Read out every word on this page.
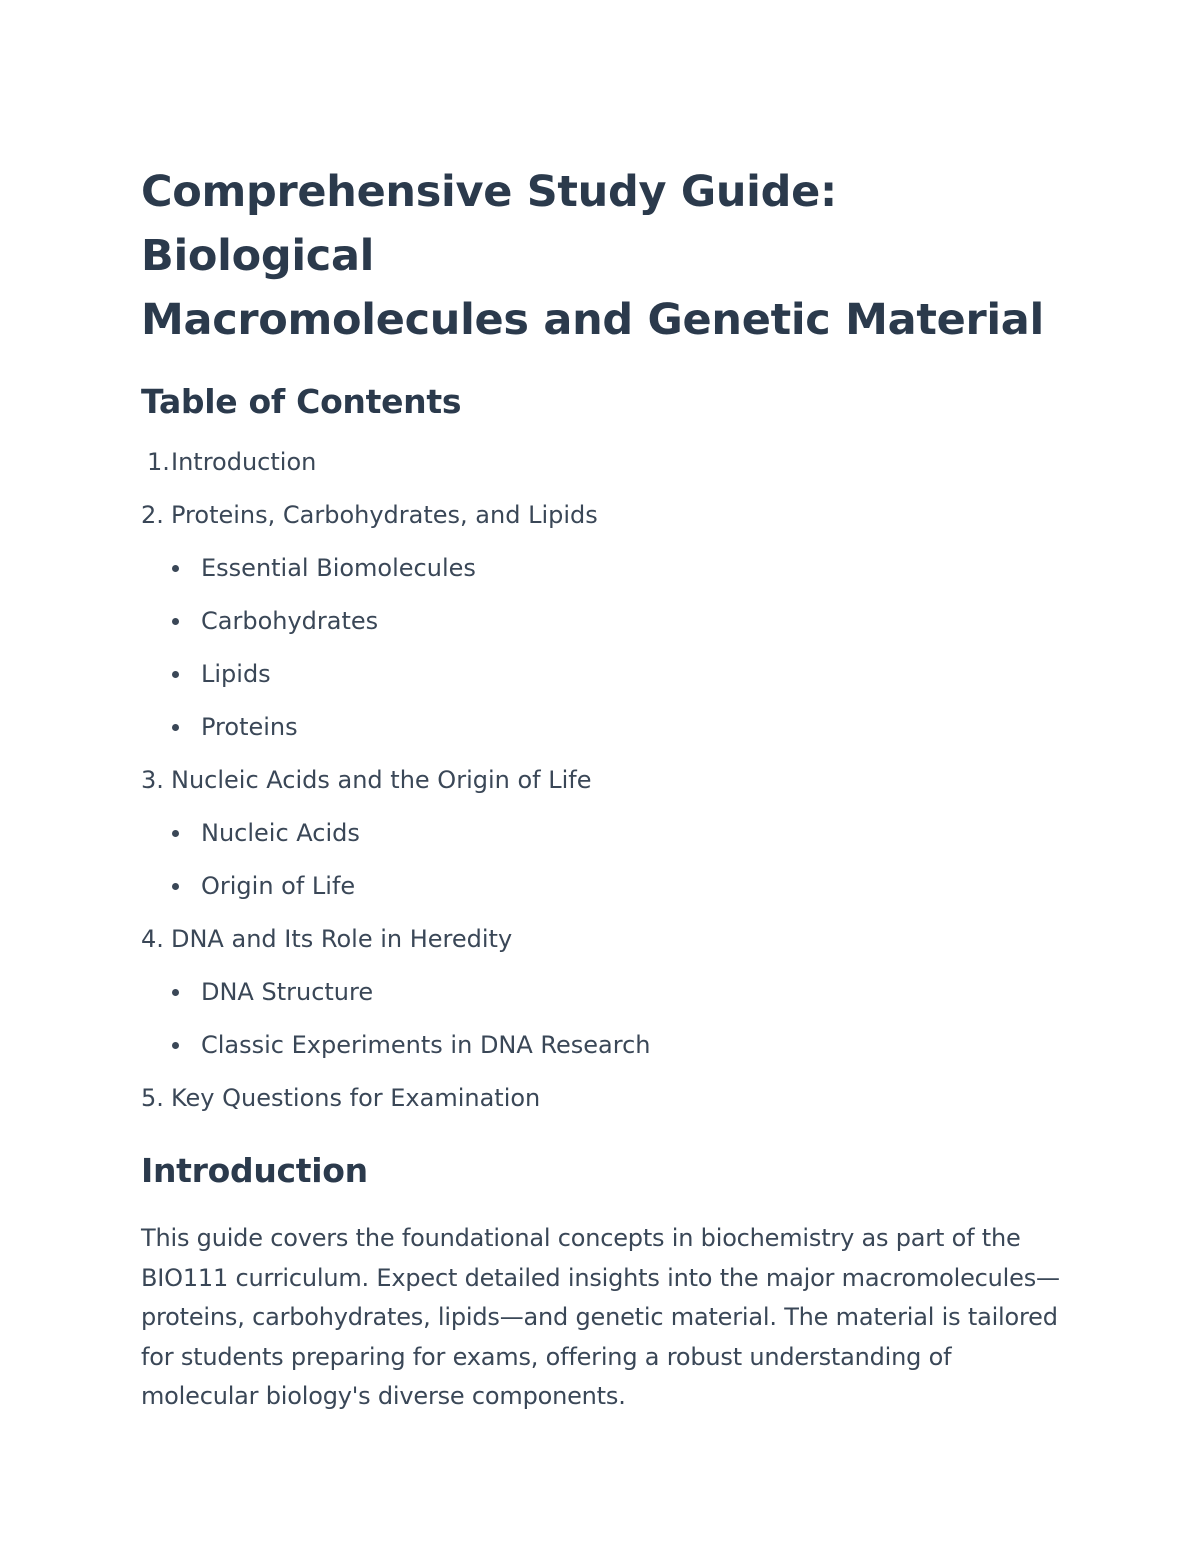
Comprehensive Study Guide: Biological
Macromolecules and Genetic Material
Table of Contents
1. Introduction
2. Proteins, Carbohydrates, and Lipids
Essential Biomolecules
Carbohydrates
Lipids
Proteins
3. Nucleic Acids and the Origin of Life
Nucleic Acids
Origin of Life
4. DNA and Its Role in Heredity
DNA Structure
Classic Experiments in DNA Research
5. Key Questions for Examination
Introduction

This guide covers the foundational concepts in biochemistry as part of the BIO111 curriculum. Expect detailed insights into the major macromolecules—proteins, carbohydrates, lipids—and genetic material. The material is tailored for students preparing for exams, offering a robust understanding of molecular biology's diverse components.
